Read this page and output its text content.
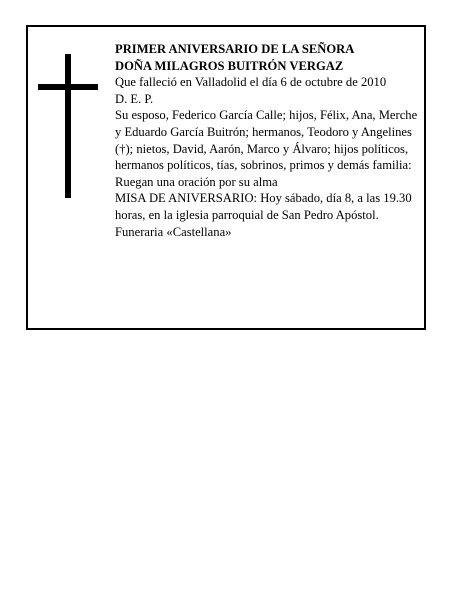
PRIMER ANIVERSARIO DE LA SEÑORA

DOÑA MILAGROS BUITRÓN VERGAZ

Que falleció en Valladolid el día 6 de octubre de 2010

D. E. P.

Su esposo, Federico García Calle; hijos, Félix, Ana, Merche y Eduardo García Buitrón; hermanos, Teodoro y Angelines (†); nietos, David, Aarón, Marco y Álvaro; hijos políticos, hermanos políticos, tías, sobrinos, primos y demás familia:

Ruegan una oración por su alma

MISA DE ANIVERSARIO: Hoy sábado, día 8, a las 19.30 horas, en la iglesia parroquial de San Pedro Apóstol.

Funeraria «Castellana»
